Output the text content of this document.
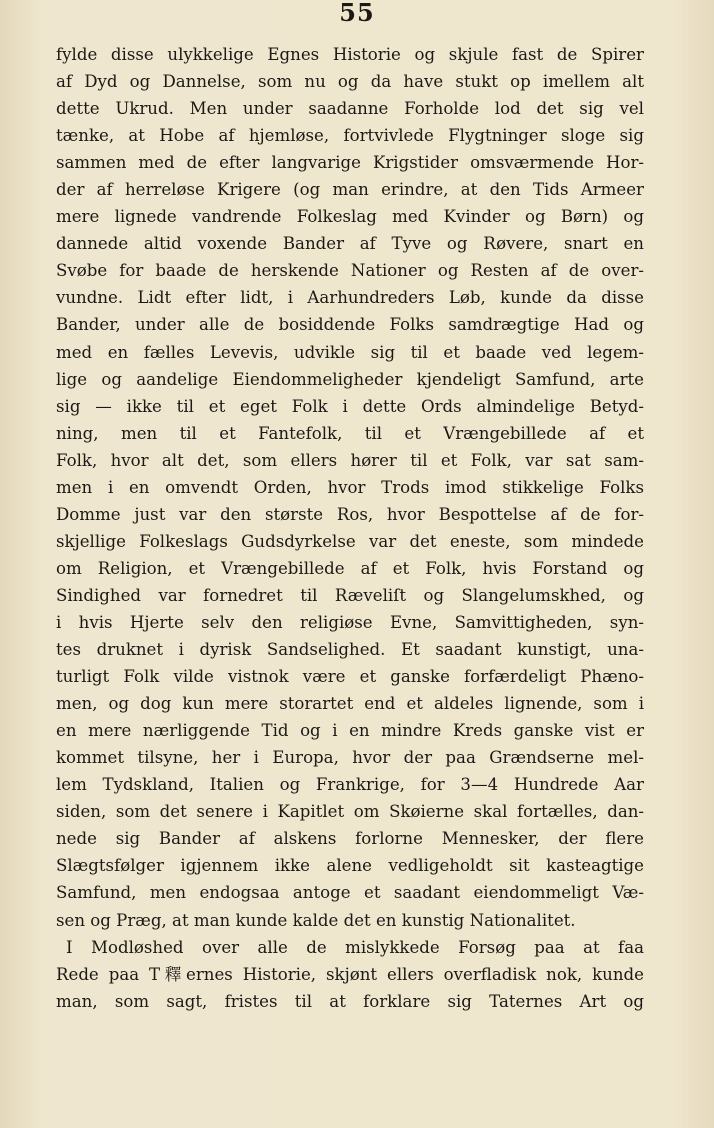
55
fylde disse ulykkelige Egnes Historie og skjule fast de Spirer
af Dyd og Dannelse, som nu og da have stukt op imellem alt
dette Ukrud. Men under saadanne Forholde lod det sig vel
tænke, at Hobe af hjemløse, fortvivlede Flygtninger sloge sig
sammen med de efter langvarige Krigstider omsværmende Hor-
der af herreløse Krigere (og man erindre, at den Tids Armeer
mere lignede vandrende Folkeslag med Kvinder og Børn) og
dannede altid voxende Bander af Tyve og Røvere, snart en
Svøbe for baade de herskende Nationer og Resten af de over-
vundne. Lidt efter lidt, i Aarhundreders Løb, kunde da disse
Bander, under alle de bosiddende Folks samdrægtige Had og
med en fælles Levevis, udvikle sig til et baade ved legem-
lige og aandelige Eiendommeligheder kjendeligt Samfund, arte
sig — ikke til et eget Folk i dette Ords almindelige Betyd-
ning, men til et Fantefolk, til et Vrængebillede af et
Folk, hvor alt det, som ellers hører til et Folk, var sat sam-
men i en omvendt Orden, hvor Trods imod stikkelige Folks
Domme just var den største Ros, hvor Bespottelse af de for-
skjellige Folkeslags Gudsdyrkelse var det eneste, som mindede
om Religion, et Vrængebillede af et Folk, hvis Forstand og
Sindighed var fornedret til Ræveliſt og Slangelumskhed, og
i hvis Hjerte selv den religiøse Evne, Samvittigheden, syn-
tes druknet i dyrisk Sandselighed. Et saadant kunstigt, una-
turligt Folk vilde vistnok være et ganske forfærdeligt Phæno-
men, og dog kun mere storartet end et aldeles lignende, som i
en mere nærliggende Tid og i en mindre Kreds ganske vist er
kommet tilsyne, her i Europa, hvor der paa Grændserne mel-
lem Tydskland, Italien og Frankrige, for 3—4 Hundrede Aar
siden, som det senere i Kapitlet om Skøierne skal fortælles, dan-
nede sig Bander af alskens forlorne Mennesker, der flere
Slægtsfølger igjennem ikke alene vedligeholdt sit kasteagtige
Samfund, men endogsaa antoge et saadant eiendommeligt Væ-
sen og Præg, at man kunde kalde det en kunstig Nationalitet.
I Modløshed over alle de mislykkede Forsøg paa at faa
Rede paa T釋ernes Historie, skjønt ellers overfladisk nok, kunde
man, som sagt, fristes til at forklare sig Taternes Art og
